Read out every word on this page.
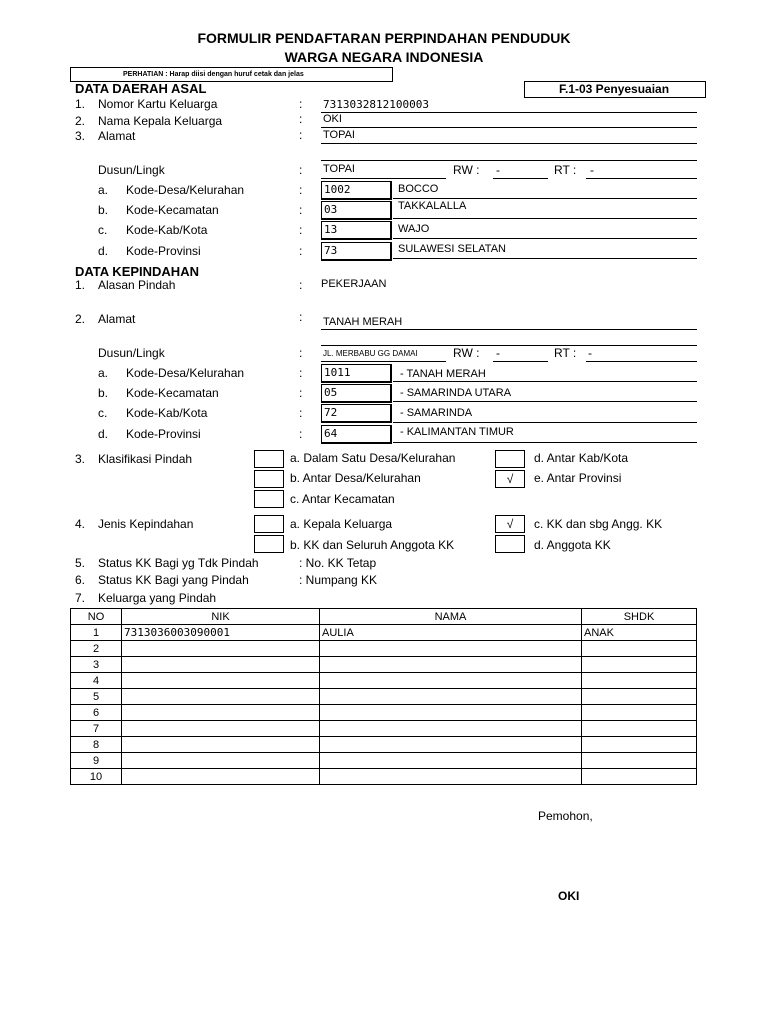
FORMULIR PENDAFTARAN PERPINDAHAN PENDUDUK
WARGA NEGARA INDONESIA
PERHATIAN : Harap diisi dengan huruf cetak dan jelas
F.1-03 Penyesuaian
DATA DAERAH ASAL
1. Nomor Kartu Keluarga	: 7313032812100003
2. Nama Kepala Keluarga	: OKI
3. Alamat	: TOPAI
Dusun/Lingk	: TOPAI	RW : -	RT : -
a. Kode-Desa/Kelurahan	: 1002	BOCCO
b. Kode-Kecamatan	: 03	TAKKALALLA
c. Kode-Kab/Kota	: 13	WAJO
d. Kode-Provinsi	: 73	SULAWESI SELATAN
DATA KEPINDAHAN
1. Alasan Pindah	: PEKERJAAN
2. Alamat	: TANAH MERAH
Dusun/Lingk	:	JL. MERBABU GG DAMAI	RW : -	RT : -
a. Kode-Desa/Kelurahan	: 1011	- TANAH MERAH
b. Kode-Kecamatan	: 05	- SAMARINDA UTARA
c. Kode-Kab/Kota	: 72	- SAMARINDA
d. Kode-Provinsi	: 64	- KALIMANTAN TIMUR
3. Klasifikasi Pindah	a. Dalam Satu Desa/Kelurahan	d. Antar Kab/Kota
b. Antar Desa/Kelurahan	√	e. Antar Provinsi
c. Antar Kecamatan
4. Jenis Kepindahan	a. Kepala Keluarga	√	c. KK dan sbg Angg. KK
b. KK dan Seluruh Anggota KK	d. Anggota KK
5. Status KK Bagi yg Tdk Pindah	: No. KK Tetap
6. Status KK Bagi yang Pindah	: Numpang KK
7. Keluarga yang Pindah
NO	NIK	NAMA	SHDK
1	7313036003090001	AULIA	ANAK
2			
3			
4			
5			
6			
7			
8			
9			
10			
Pemohon,
OKI
